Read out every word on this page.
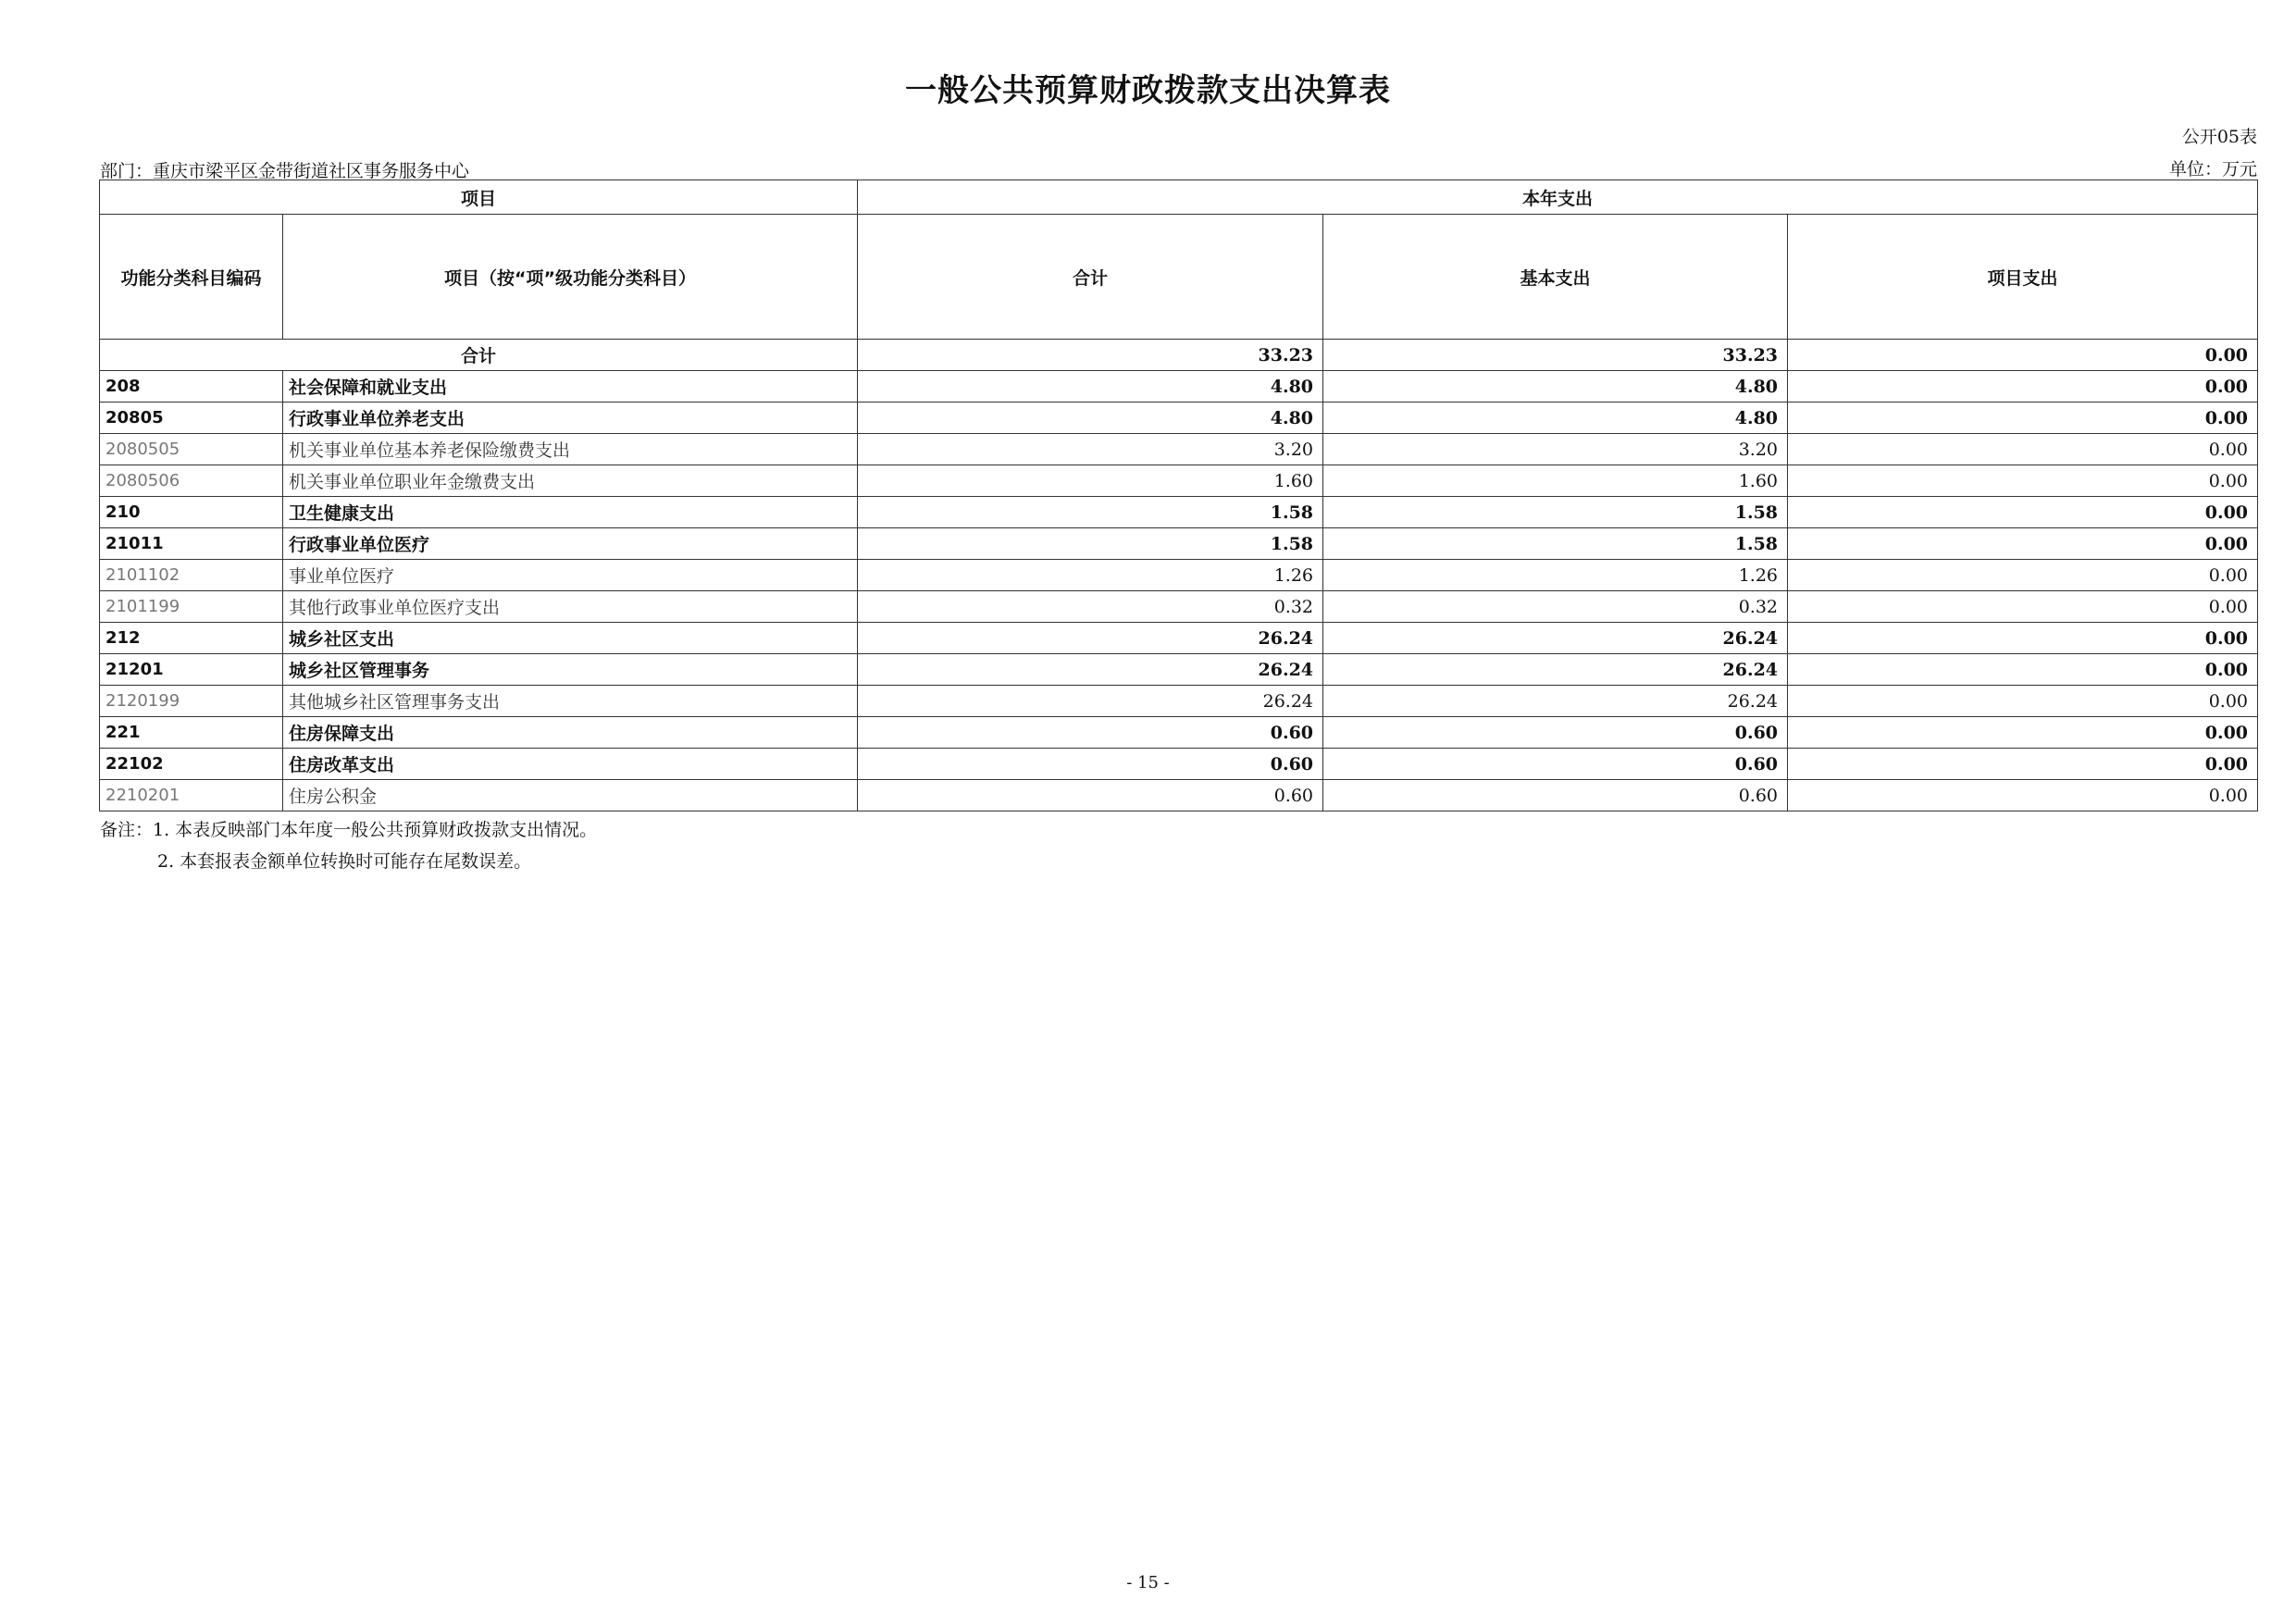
一般公共预算财政拨款支出决算表
公开05表
部门：重庆市梁平区金带街道社区事务服务中心	单位：万元
项目		本年支出		
功能分类科目编码	项目（按“项”级功能分类科目）	合计	基本支出	项目支出
合计		33.23	33.23	0.00
208	社会保障和就业支出	4.80	4.80	0.00
20805	行政事业单位养老支出	4.80	4.80	0.00
2080505	机关事业单位基本养老保险缴费支出	3.20	3.20	0.00
2080506	机关事业单位职业年金缴费支出	1.60	1.60	0.00
210	卫生健康支出	1.58	1.58	0.00
21011	行政事业单位医疗	1.58	1.58	0.00
2101102	事业单位医疗	1.26	1.26	0.00
2101199	其他行政事业单位医疗支出	0.32	0.32	0.00
212	城乡社区支出	26.24	26.24	0.00
21201	城乡社区管理事务	26.24	26.24	0.00
2120199	其他城乡社区管理事务支出	26.24	26.24	0.00
221	住房保障支出	0.60	0.60	0.00
22102	住房改革支出	0.60	0.60	0.00
2210201	住房公积金	0.60	0.60	0.00
备注：1. 本表反映部门本年度一般公共预算财政拨款支出情况。
2. 本套报表金额单位转换时可能存在尾数误差。
- 15 -
